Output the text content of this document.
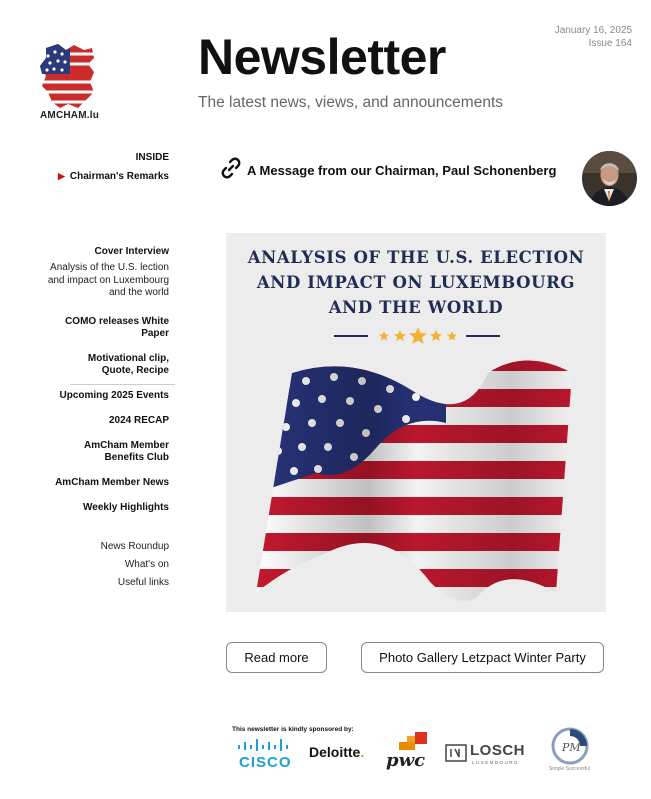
AMCHAM.lu
Newsletter
The latest news, views, and announcements
January 16, 2025
Issue 164
INSIDE
▶ Chairman's Remarks
Cover Interview
Analysis of the U.S. lection and impact on Luxembourg and the world
COMO releases White Paper
Motivational clip, Quote, Recipe
Upcoming 2025 Events
2024 RECAP
AmCham Member Benefits Club
AmCham Member News
Weekly Highlights
News Roundup
What's on
Useful links
A Message from our Chairman, Paul Schonenberg
ANALYSIS OF THE U.S. ELECTION
AND IMPACT ON LUXEMBOURG
AND THE WORLD
Read more	Photo Gallery Letzpact Winter Party
This newsletter is kindly sponsored by:
CISCO
Deloitte. pwc	LOSCH
LUXEMBOURG
PM
Simple Successful
